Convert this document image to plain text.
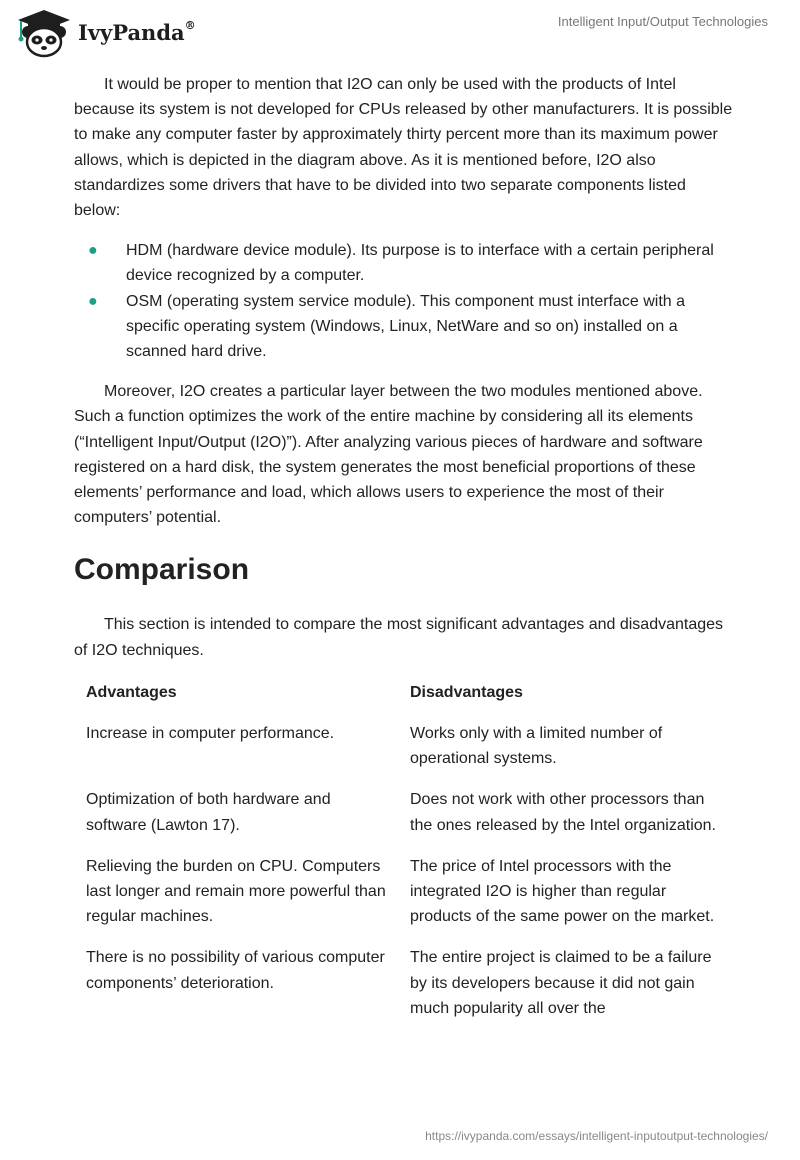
IvyPanda®	Intelligent Input/Output Technologies

It would be proper to mention that I2O can only be used with the products of Intel because its system is not developed for CPUs released by other manufacturers. It is possible to make any computer faster by approximately thirty percent more than its maximum power allows, which is depicted in the diagram above. As it is mentioned before, I2O also standardizes some drivers that have to be divided into two separate components listed below:

● HDM (hardware device module). Its purpose is to interface with a certain peripheral device recognized by a computer.
● OSM (operating system service module). This component must interface with a specific operating system (Windows, Linux, NetWare and so on) installed on a scanned hard drive.

Moreover, I2O creates a particular layer between the two modules mentioned above. Such a function optimizes the work of the entire machine by considering all its elements (“Intelligent Input/Output (I2O)”). After analyzing various pieces of hardware and software registered on a hard disk, the system generates the most beneficial proportions of these elements’ performance and load, which allows users to experience the most of their computers’ potential.

Comparison

This section is intended to compare the most significant advantages and disadvantages of I2O techniques.

Advantages	Disadvantages
Increase in computer performance.	Works only with a limited number of operational systems.
Optimization of both hardware and software (Lawton 17).	Does not work with other processors than the ones released by the Intel organization.
Relieving the burden on CPU. Computers last longer and remain more powerful than regular machines.	The price of Intel processors with the integrated I2O is higher than regular products of the same power on the market.
There is no possibility of various computer components’ deterioration.	The entire project is claimed to be a failure by its developers because it did not gain much popularity all over the
https://ivypanda.com/essays/intelligent-inputoutput-technologies/
